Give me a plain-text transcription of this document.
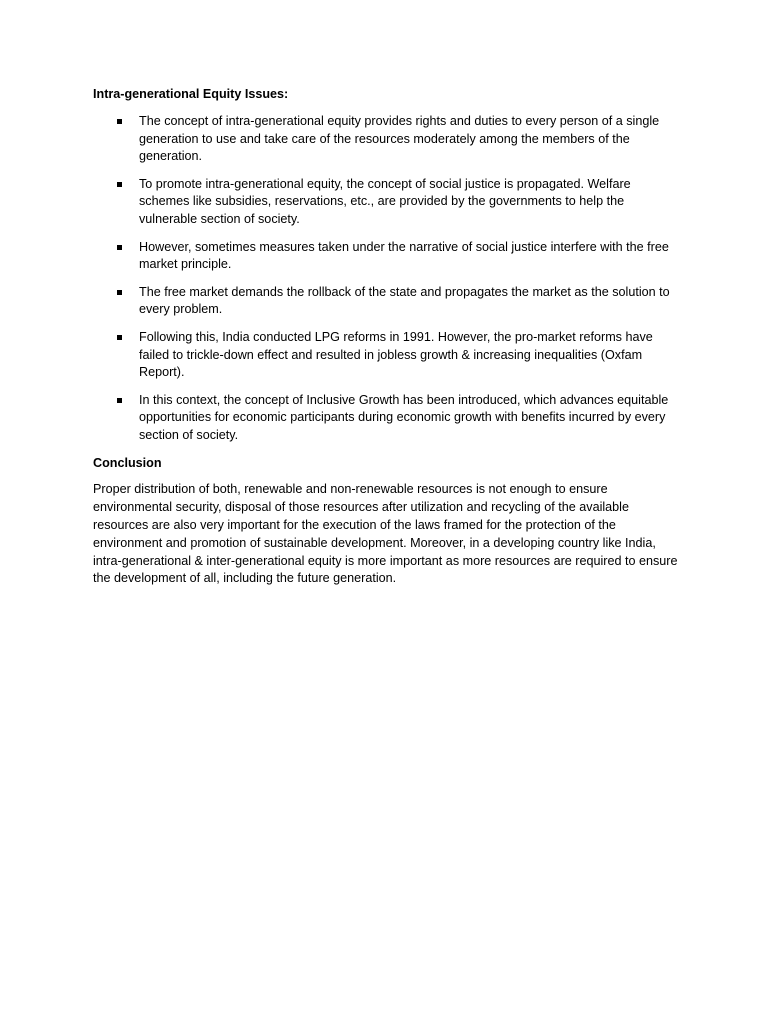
Intra-generational Equity Issues:
The concept of intra-generational equity provides rights and duties to every person of a single generation to use and take care of the resources moderately among the members of the generation.
To promote intra-generational equity, the concept of social justice is propagated. Welfare schemes like subsidies, reservations, etc., are provided by the governments to help the vulnerable section of society.
However, sometimes measures taken under the narrative of social justice interfere with the free market principle.
The free market demands the rollback of the state and propagates the market as the solution to every problem.
Following this, India conducted LPG reforms in 1991. However, the pro-market reforms have failed to trickle-down effect and resulted in jobless growth & increasing inequalities (Oxfam Report).
In this context, the concept of Inclusive Growth has been introduced, which advances equitable opportunities for economic participants during economic growth with benefits incurred by every section of society.
Conclusion

Proper distribution of both, renewable and non-renewable resources is not enough to ensure environmental security, disposal of those resources after utilization and recycling of the available resources are also very important for the execution of the laws framed for the protection of the environment and promotion of sustainable development. Moreover, in a developing country like India, intra-generational & inter-generational equity is more important as more resources are required to ensure the development of all, including the future generation.
